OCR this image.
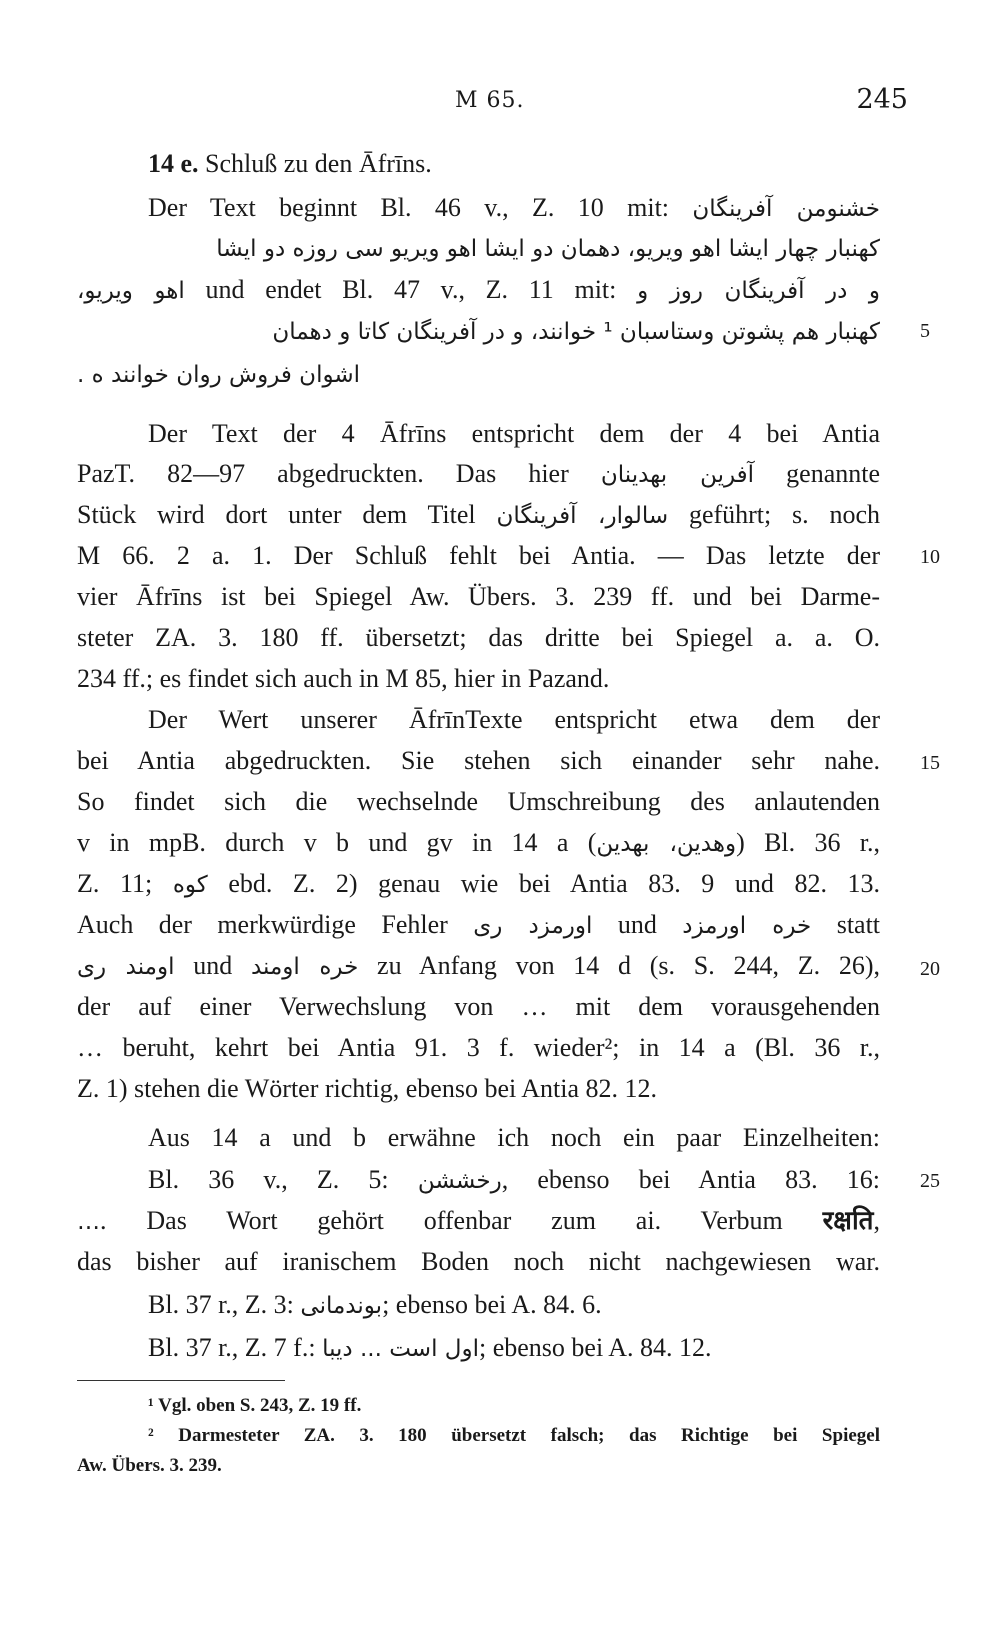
M 65.	245
14 e. Schluß zu den Āfrīns.
Der Text beginnt Bl. 46 v., Z. 10 mit: خشنومن آفرینگان
کهنبار چهار ایشا اهو ویریو، دهمان دو ایشا اهو ویریو سی روزه دو ایشا
اهو ویریو، und endet Bl. 47 v., Z. 11 mit: و در آفرینگان روز و
کهنبار هم پشوتن وستاسبان ¹ خوانند، و در آفرینگان کاتا و دهمان 5
اشوان فروش روان خوانند ه .
Der Text der 4 Āfrīns entspricht dem der 4 bei Antia
PazT. 82—97 abgedruckten. Das hier آفرین بهدینان genannte
Stück wird dort unter dem Titel سالوار، آفرینگان geführt; s. noch
M 66. 2 a. 1. Der Schluß fehlt bei Antia. — Das letzte der 10
vier Āfrīns ist bei Spiegel Aw. Übers. 3. 239 ff. und bei Darme-
steter ZA. 3. 180 ff. übersetzt; das dritte bei Spiegel a. a. O.
234 ff.; es findet sich auch in M 85, hier in Pazand.
Der Wert unserer ĀfrīnTexte entspricht etwa dem der
bei Antia abgedruckten. Sie stehen sich einander sehr nahe. 15
So findet sich die wechselnde Umschreibung des anlautenden
v in mpB. durch v b und gv in 14 a (وهدین، بهدین) Bl. 36 r.,
Z. 11; کوه ebd. Z. 2) genau wie bei Antia 83. 9 und 82. 13.
Auch der merkwürdige Fehler اورمزد ری und خره اورمزد statt
اومند ری und خره اومند zu Anfang von 14 d (s. S. 244, Z. 26), 20
der auf einer Verwechslung von … mit dem vorausgehenden
… beruht, kehrt bei Antia 91. 3 f. wieder²; in 14 a (Bl. 36 r.,
Z. 1) stehen die Wörter richtig, ebenso bei Antia 82. 12.
Aus 14 a und b erwähne ich noch ein paar Einzelheiten:
Bl. 36 v., Z. 5: رخششن, ebenso bei Antia 83. 16: 25
…. Das Wort gehört offenbar zum ai. Verbum रक्षति,
das bisher auf iranischem Boden noch nicht nachgewiesen war.
Bl. 37 r., Z. 3: بوندمانی; ebenso bei A. 84. 6.
Bl. 37 r., Z. 7 f.: اول است ... دیبا; ebenso bei A. 84. 12.
¹ Vgl. oben S. 243, Z. 19 ff.
² Darmesteter ZA. 3. 180 übersetzt falsch; das Richtige bei Spiegel
Aw. Übers. 3. 239.
